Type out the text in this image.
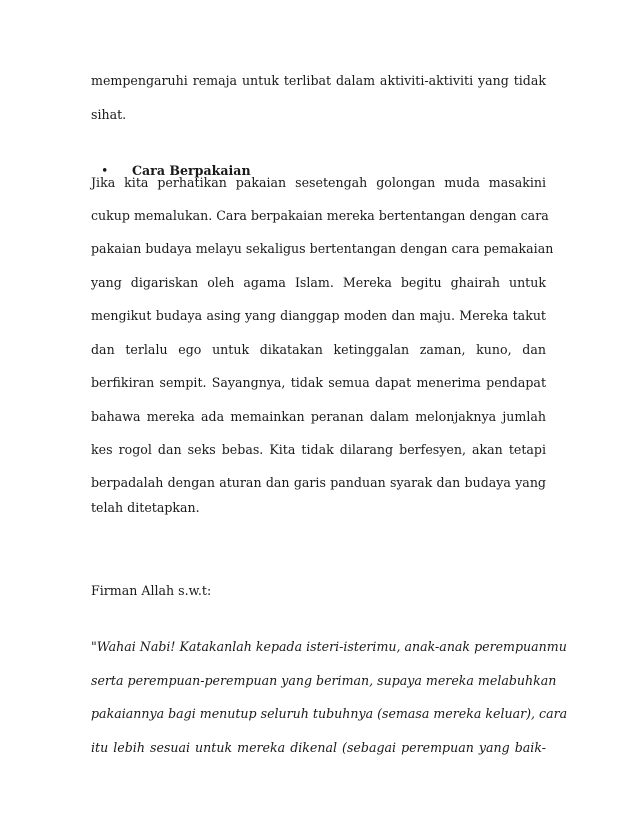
mempengaruhi remaja untuk terlibat dalam aktiviti-aktiviti yang tidak
sihat.
• Cara Berpakaian
Jika kita perhatikan pakaian sesetengah golongan muda masakini
cukup memalukan. Cara berpakaian mereka bertentangan dengan cara
pakaian budaya melayu sekaligus bertentangan dengan cara pemakaian
yang digariskan oleh agama Islam. Mereka begitu ghairah untuk
mengikut budaya asing yang dianggap moden dan maju. Mereka takut
dan terlalu ego untuk dikatakan ketinggalan zaman, kuno, dan
berfikiran sempit. Sayangnya, tidak semua dapat menerima pendapat
bahawa mereka ada memainkan peranan dalam melonjaknya jumlah
kes rogol dan seks bebas. Kita tidak dilarang berfesyen, akan tetapi
berpadalah dengan aturan dan garis panduan syarak dan budaya yang
telah ditetapkan.
Firman Allah s.w.t:
"Wahai Nabi! Katakanlah kepada isteri-isterimu, anak-anak perempuanmu
serta perempuan-perempuan yang beriman, supaya mereka melabuhkan
pakaiannya bagi menutup seluruh tubuhnya (semasa mereka keluar), cara
itu lebih sesuai untuk mereka dikenal (sebagai perempuan yang baik-
